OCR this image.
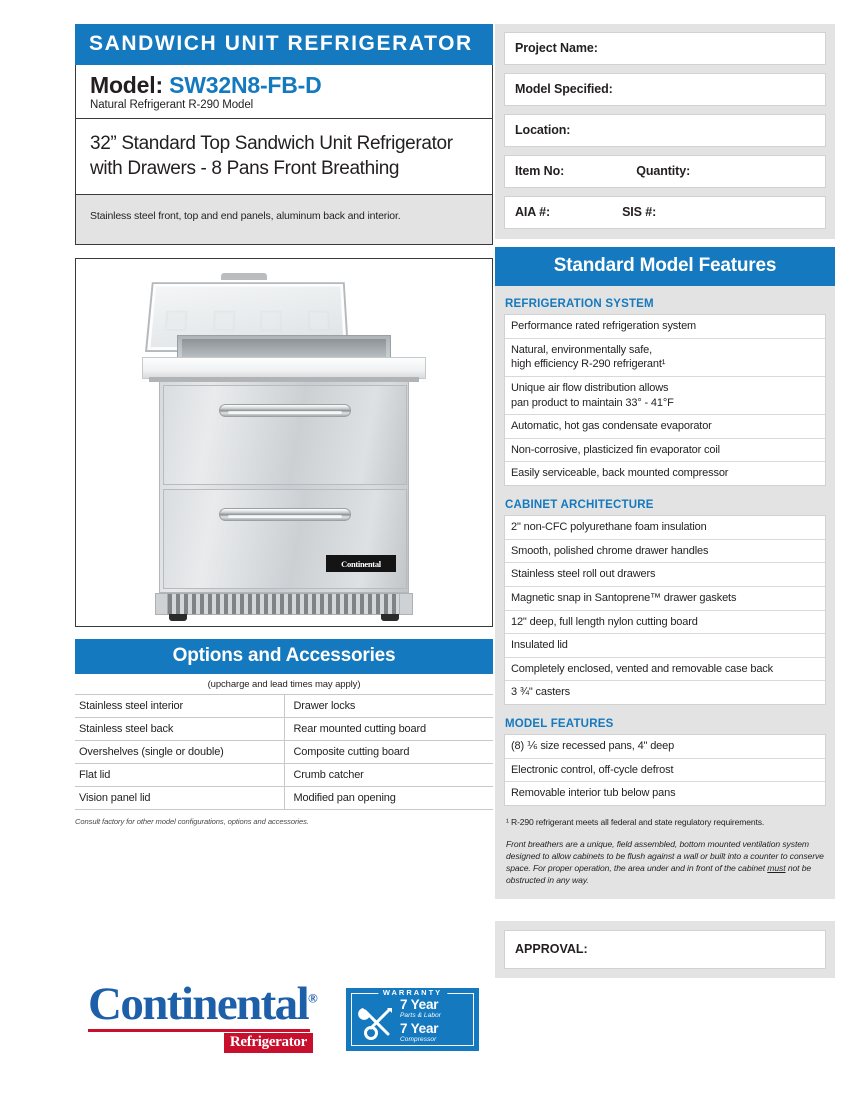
SANDWICH UNIT REFRIGERATOR
Model: SW32N8-FB-D
Natural Refrigerant R-290 Model
32” Standard Top Sandwich Unit Refrigerator with Drawers - 8 Pans Front Breathing
Stainless steel front, top and end panels, aluminum back and interior.
Continental
Options and Accessories
(upcharge and lead times may apply)
Stainless steel interior	Drawer locks
Stainless steel back	Rear mounted cutting board
Overshelves (single or double)	Composite cutting board
Flat lid	Crumb catcher
Vision panel lid	Modified pan opening
Consult factory for other model configurations, options and accessories.
Continental®
Refrigerator
WARRANTY
7 Year
Parts & Labor
7 Year
Compressor
Project Name:
Model Specified:
Location:
Item No:	Quantity:
AIA #:	SIS #:
Standard Model Features
REFRIGERATION SYSTEM
Performance rated refrigeration system
Natural, environmentally safe,
high efficiency R-290 refrigerant¹
Unique air flow distribution allows
pan product to maintain 33° - 41°F
Automatic, hot gas condensate evaporator
Non-corrosive, plasticized fin evaporator coil
Easily serviceable, back mounted compressor
CABINET ARCHITECTURE
2" non-CFC polyurethane foam insulation
Smooth, polished chrome drawer handles
Stainless steel roll out drawers
Magnetic snap in Santoprene™ drawer gaskets
12" deep, full length nylon cutting board
Insulated lid
Completely enclosed, vented and removable case back
3 ¾" casters
MODEL FEATURES
(8) ⅙ size recessed pans, 4" deep
Electronic control, off-cycle defrost
Removable interior tub below pans
¹ R-290 refrigerant meets all federal and state regulatory requirements.
Front breathers are a unique, field assembled, bottom mounted ventilation system designed to allow cabinets to be flush against a wall or built into a counter to conserve space. For proper operation, the area under and in front of the cabinet must not be obstructed in any way.
APPROVAL:
